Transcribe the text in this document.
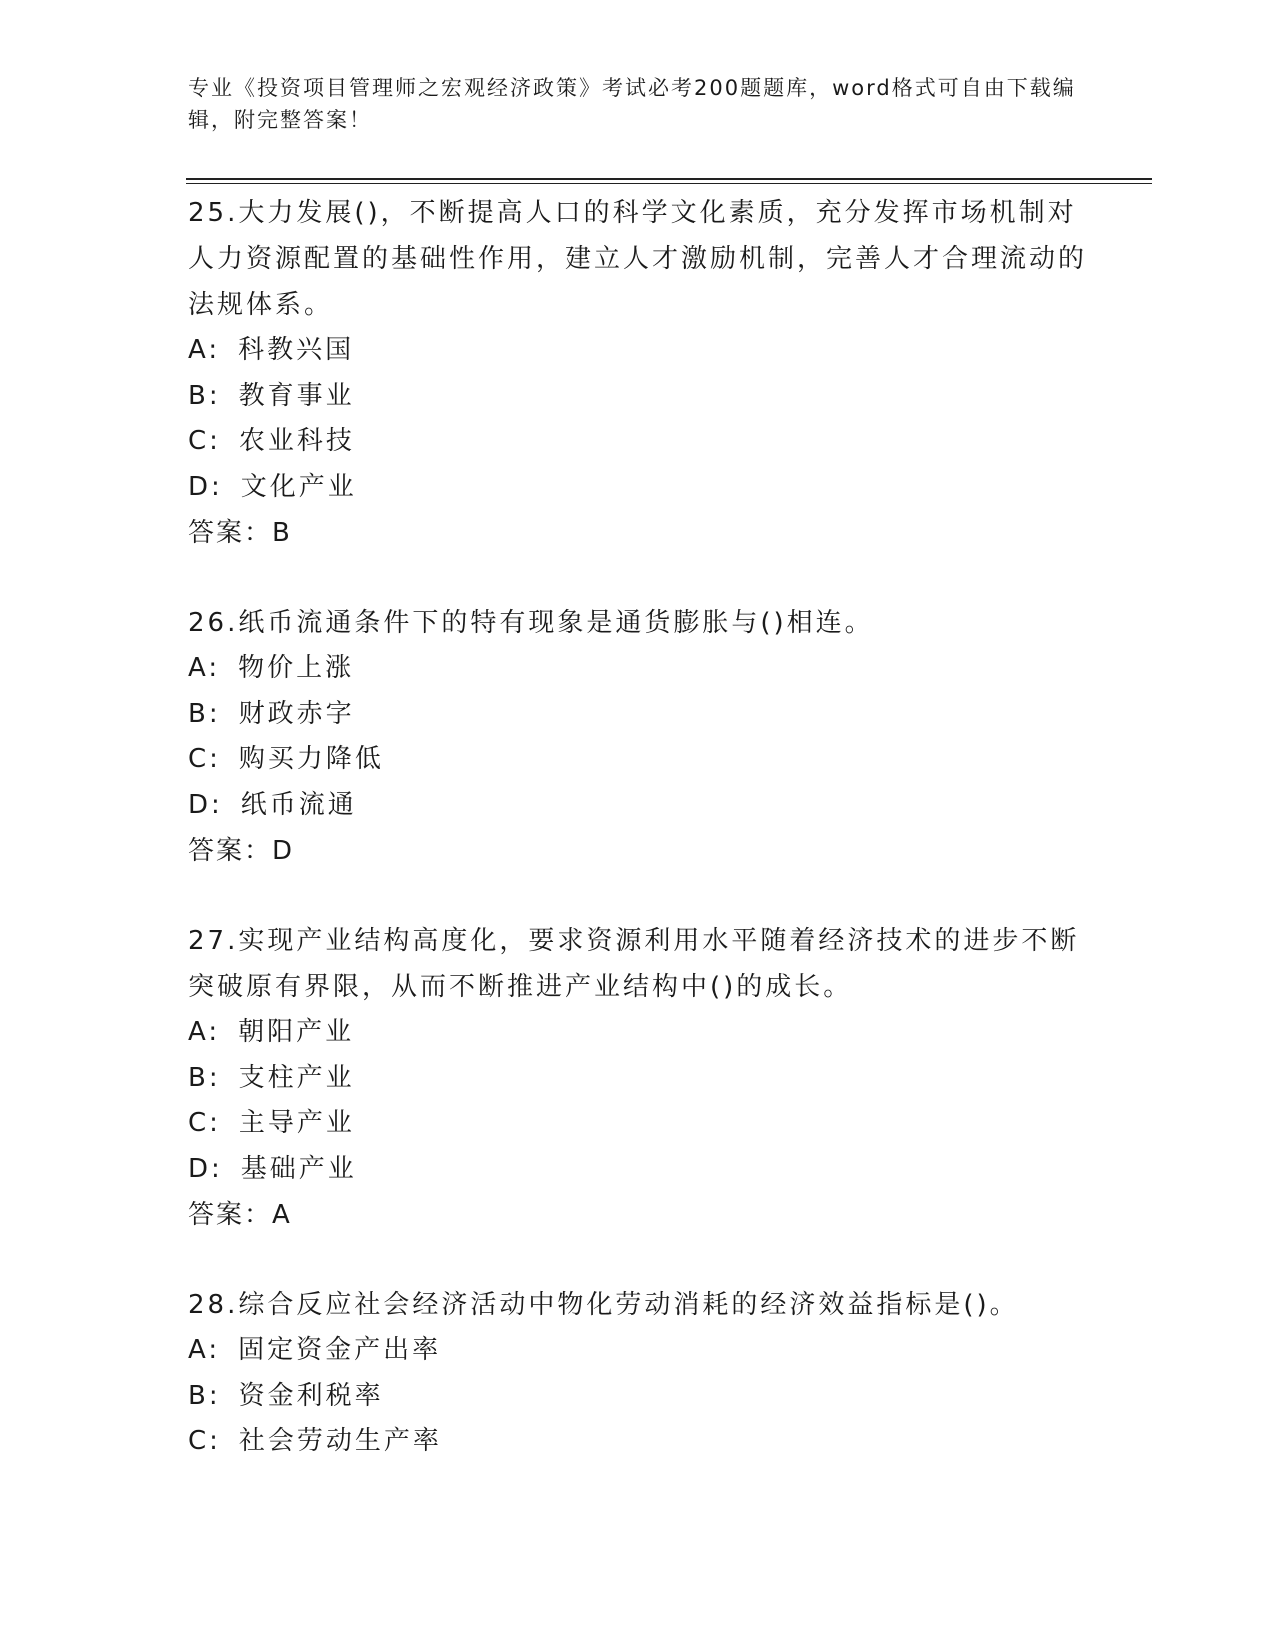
专业《投资项目管理师之宏观经济政策》考试必考200题题库，word格式可自由下载编辑，附完整答案！

25.大力发展()，不断提高人口的科学文化素质，充分发挥市场机制对人力资源配置的基础性作用，建立人才激励机制，完善人才合理流动的法规体系。

A: 科教兴国
B: 教育事业
C: 农业科技
D: 文化产业
答案：B

26.纸币流通条件下的特有现象是通货膨胀与()相连。

A: 物价上涨
B: 财政赤字
C: 购买力降低
D: 纸币流通
答案：D

27.实现产业结构高度化，要求资源利用水平随着经济技术的进步不断突破原有界限，从而不断推进产业结构中()的成长。

A: 朝阳产业
B: 支柱产业
C: 主导产业
D: 基础产业
答案：A

28.综合反应社会经济活动中物化劳动消耗的经济效益指标是()。

A: 固定资金产出率
B: 资金利税率
C: 社会劳动生产率
